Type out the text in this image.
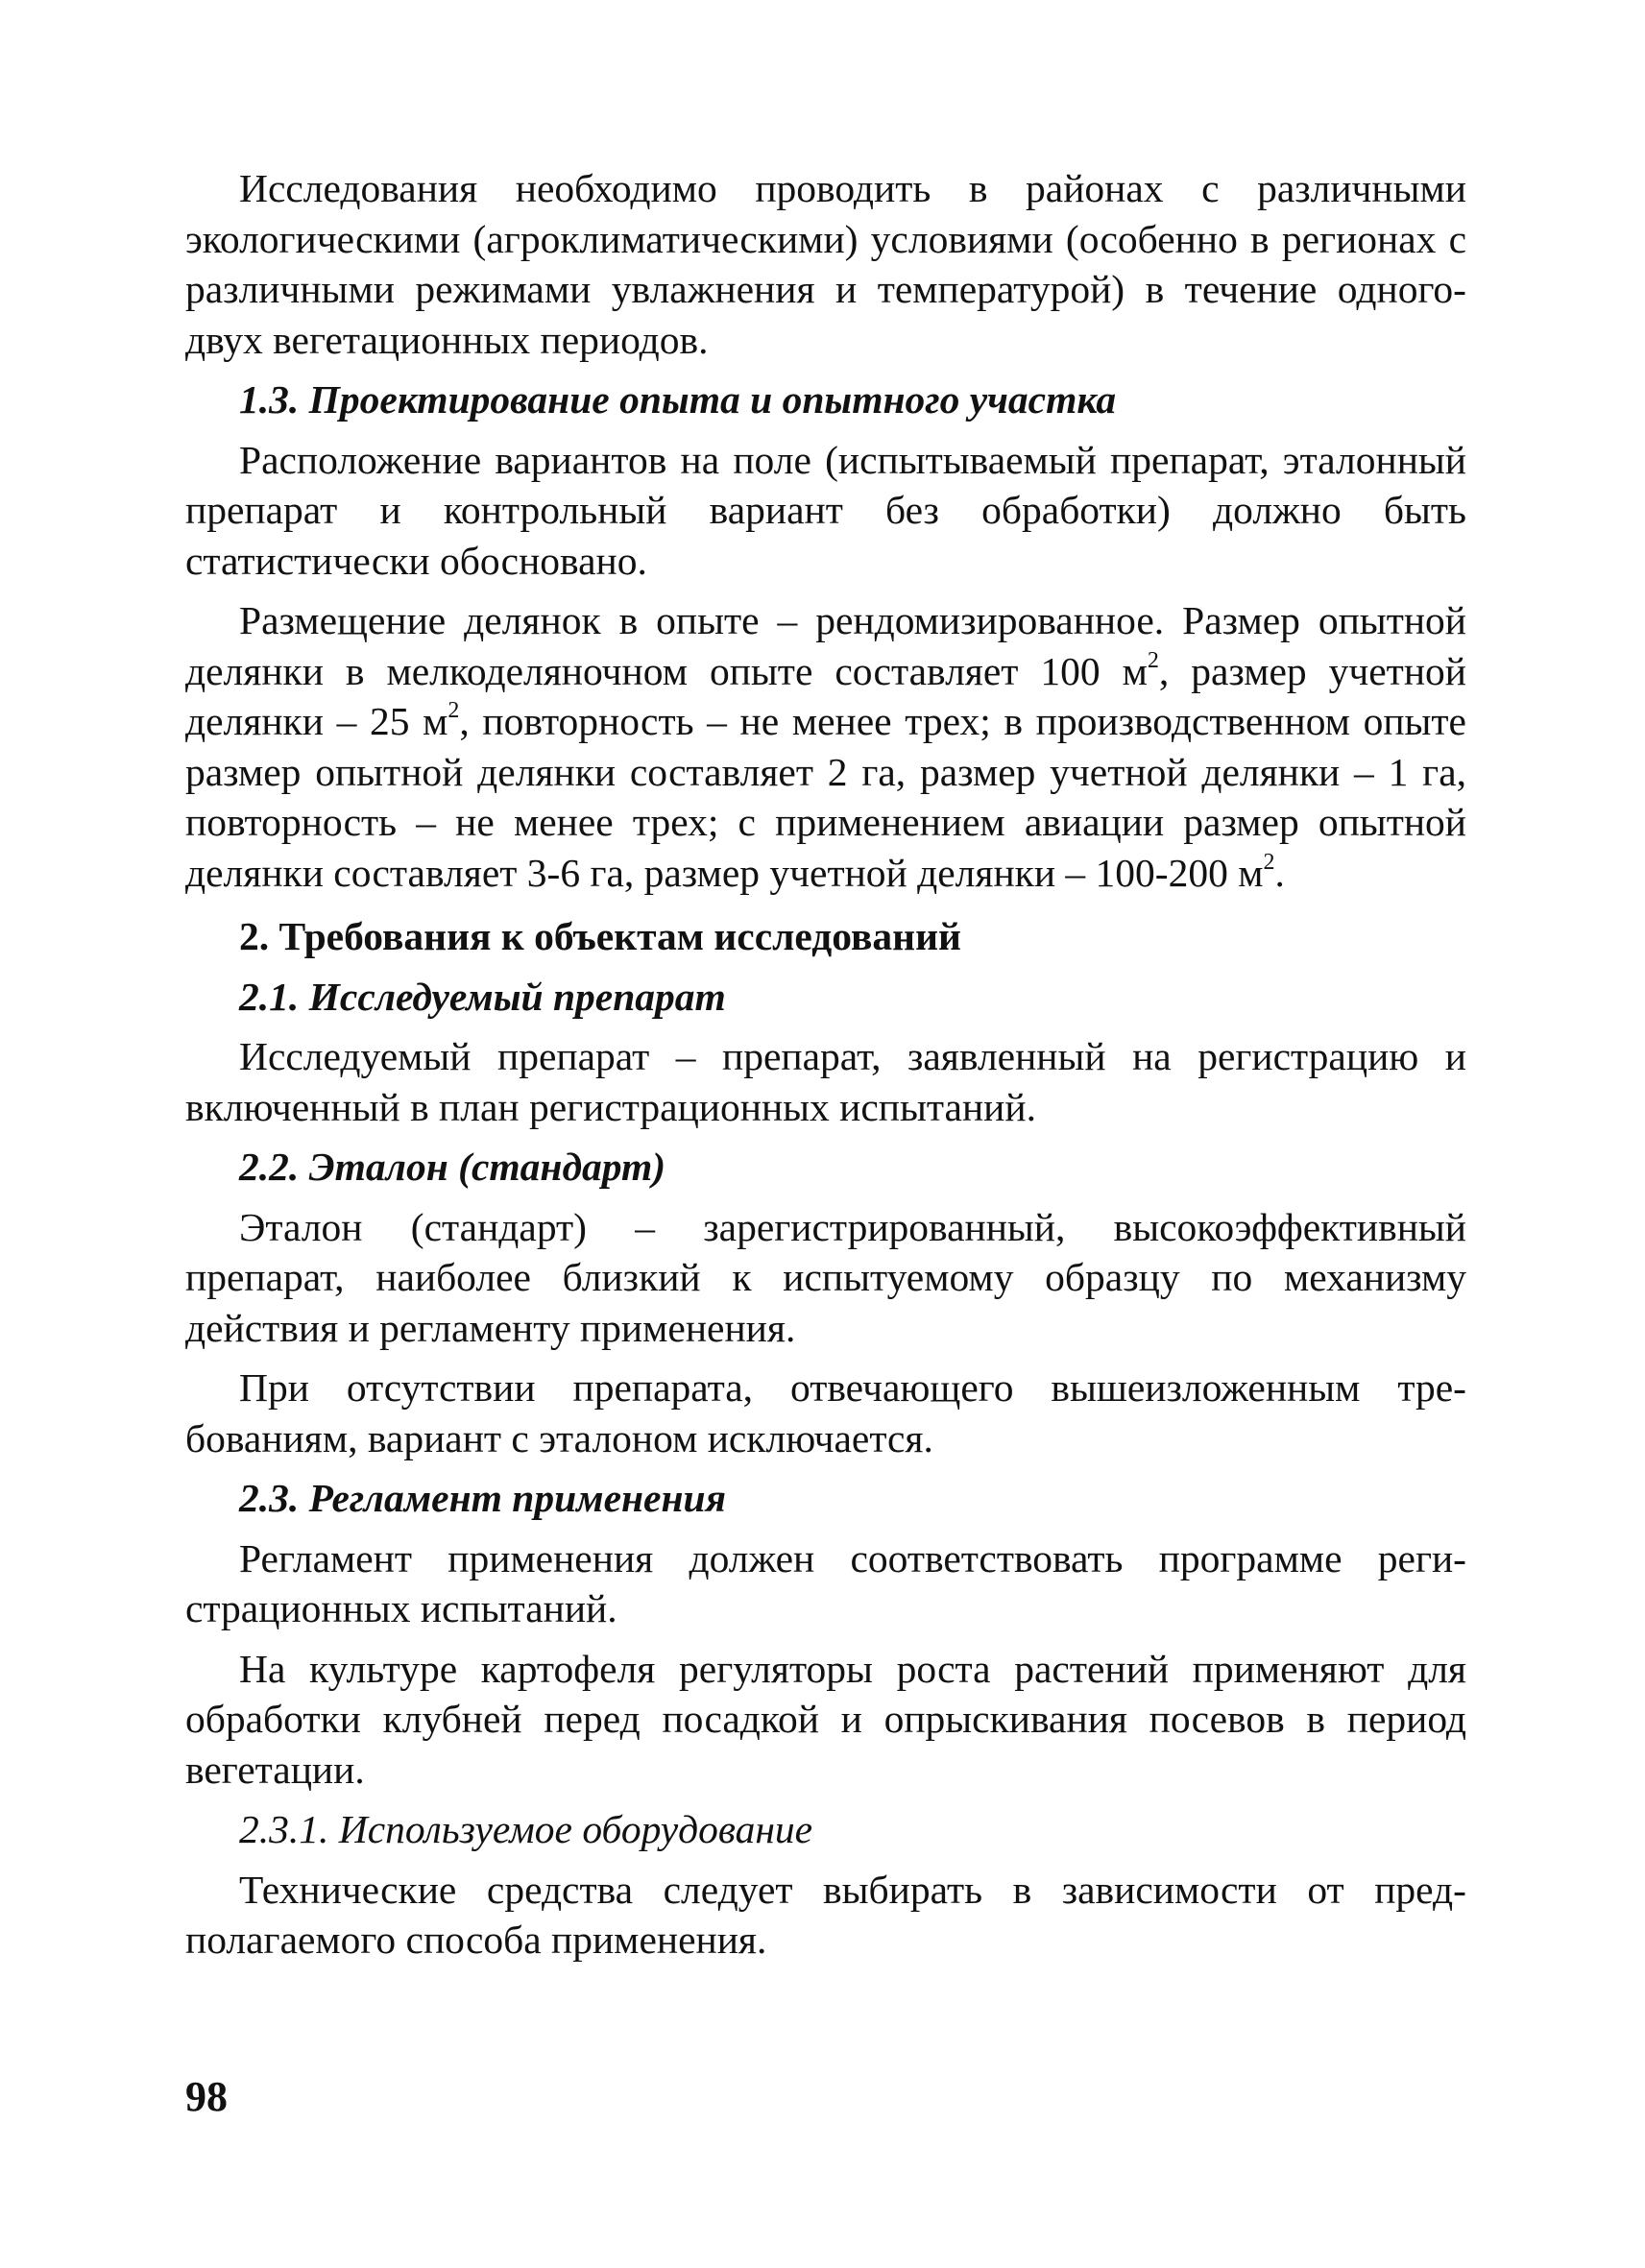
Исследования необходимо проводить в районах с различными экологическими (агроклиматическими) условиями (особенно в регионах с различными режимами увлажнения и температурой) в течение одного-двух вегетационных периодов.

1.3. Проектирование опыта и опытного участка

Расположение вариантов на поле (испытываемый препарат, эталонный препарат и контрольный вариант без обработки) должно быть статистически обосновано.

Размещение делянок в опыте – рендомизированное. Размер опытной делянки в мелкоделяночном опыте составляет 100 $м^2$, размер учетной делянки – 25 $м^2$, повторность – не менее трех; в производственном опыте размер опытной делянки составляет 2 га, размер учетной делянки – 1 га, повторность – не менее трех; с применением авиации размер опытной делянки составляет 3-6 га, размер учетной делянки – 100-200 $м^2$.

2. Требования к объектам исследований
2.1. Исследуемый препарат

Исследуемый препарат – препарат, заявленный на регистрацию и включенный в план регистрационных испытаний.

2.2. Эталон (стандарт)

Эталон (стандарт) – зарегистрированный, высокоэффективный препарат, наиболее близкий к испытуемому образцу по механизму действия и регламенту применения.

При отсутствии препарата, отвечающего вышеизложенным требованиям, вариант с эталоном исключается.

2.3. Регламент применения

Регламент применения должен соответствовать программе регистрационных испытаний.

На культуре картофеля регуляторы роста растений применяют для обработки клубней перед посадкой и опрыскивания посевов в период вегетации.

2.3.1. Используемое оборудование

Технические средства следует выбирать в зависимости от предполагаемого способа применения.

98
